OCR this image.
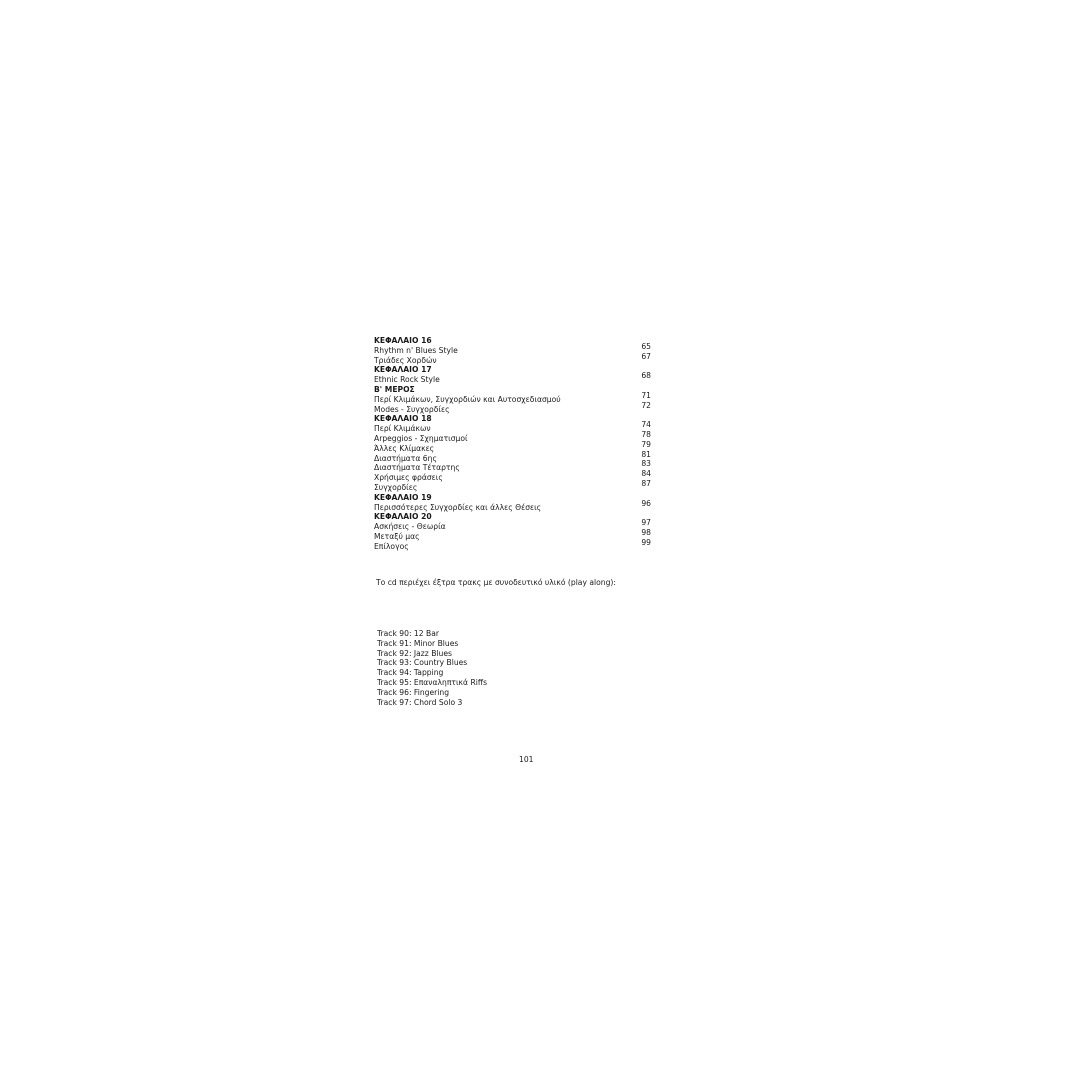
ΚΕΦΑΛΑΙΟ 16
Rhythm n' Blues Style	65
Τριάδες Χορδών	67
ΚΕΦΑΛΑΙΟ 17
Ethnic Rock Style	68
Β' ΜΕΡΟΣ
Περί Κλιμάκων, Συγχορδιών και Αυτοσχεδιασμού	71
Modes - Συγχορδίες	72
ΚΕΦΑΛΑΙΟ 18
Περί Κλιμάκων	74
Arpeggios - Σχηματισμοί	78
Άλλες Κλίμακες	79
Διαστήματα 6ης	81
Διαστήματα Τέταρτης	83
Χρήσιμες φράσεις	84
Συγχορδίες	87
ΚΕΦΑΛΑΙΟ 19
Περισσότερες Συγχορδίες και άλλες Θέσεις	96
ΚΕΦΑΛΑΙΟ 20
Ασκήσεις - Θεωρία	97
Μεταξύ μας	98
Επίλογος	99
Το cd περιέχει έξτρα τρακς με συνοδευτικό υλικό (play along):
Track 90: 12 Bar
Track 91: Minor Blues
Track 92: Jazz Blues
Track 93: Country Blues
Track 94: Tapping
Track 95: Επαναληπτικά Riffs
Track 96: Fingering
Track 97: Chord Solo 3
101
